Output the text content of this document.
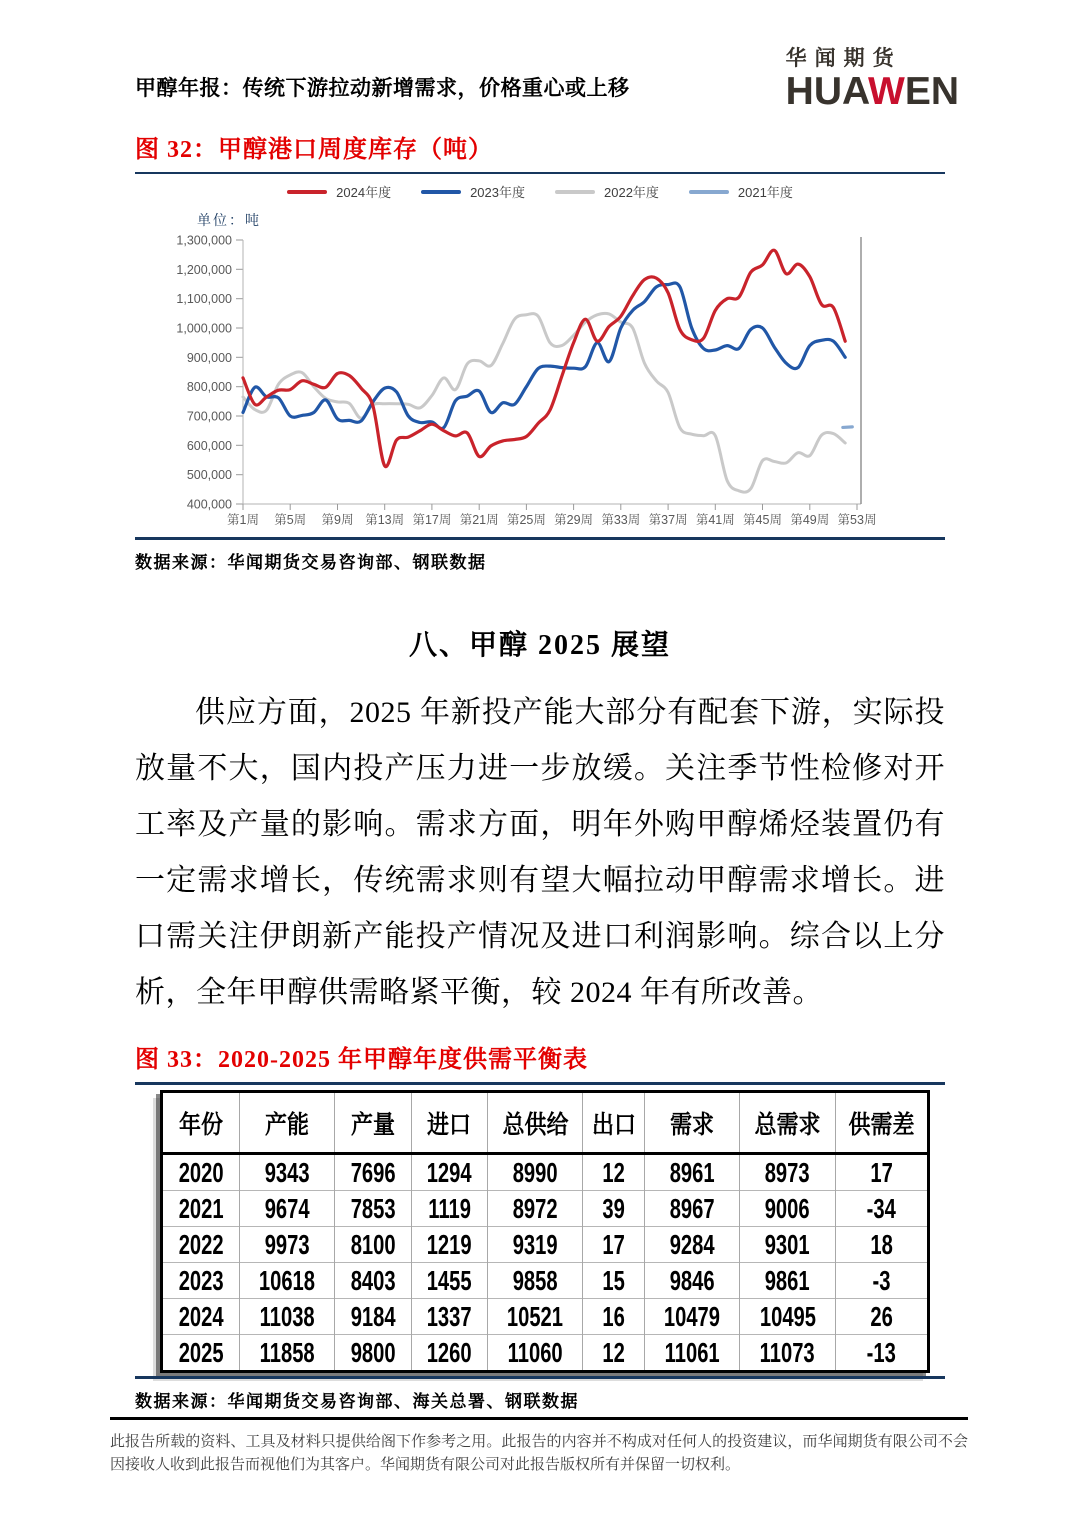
甲醇年报：传统下游拉动新增需求，价格重心或上移
华闻期货
HUAWEN
图 32：甲醇港口周度库存（吨）
2024年度	2023年度	2022年度	2021年度
单位：吨
400,000
500,000
600,000
700,000
800,000
900,000
1,000,000
1,100,000
1,200,000
1,300,000
第1周 第5周 第9周 第13周 第17周 第21周 第25周 第29周 第33周 第37周 第41周 第45周 第49周 第53周
数据来源：华闻期货交易咨询部、钢联数据
八、甲醇 2025 展望
供应方面，2025 年新投产能大部分有配套下游，实际投放量不大，国内投产压力进一步放缓。关注季节性检修对开工率及产量的影响。需求方面，明年外购甲醇烯烃装置仍有一定需求增长，传统需求则有望大幅拉动甲醇需求增长。进口需关注伊朗新产能投产情况及进口利润影响。综合以上分析，全年甲醇供需略紧平衡，较 2024 年有所改善。
图 33：2020-2025 年甲醇年度供需平衡表
年份	产能	产量	进口	总供给	出口	需求	总需求	供需差
2020	9343	7696	1294	8990	12	8961	8973	17
2021	9674	7853	1119	8972	39	8967	9006	-34
2022	9973	8100	1219	9319	17	9284	9301	18
2023	10618	8403	1455	9858	15	9846	9861	-3
2024	11038	9184	1337	10521	16	10479	10495	26
2025	11858	9800	1260	11060	12	11061	11073	-13
数据来源：华闻期货交易咨询部、海关总署、钢联数据
此报告所载的资料、工具及材料只提供给阁下作参考之用。此报告的内容并不构成对任何人的投资建议，而华闻期货有限公司不会因接收人收到此报告而视他们为其客户。华闻期货有限公司对此报告版权所有并保留一切权利。
